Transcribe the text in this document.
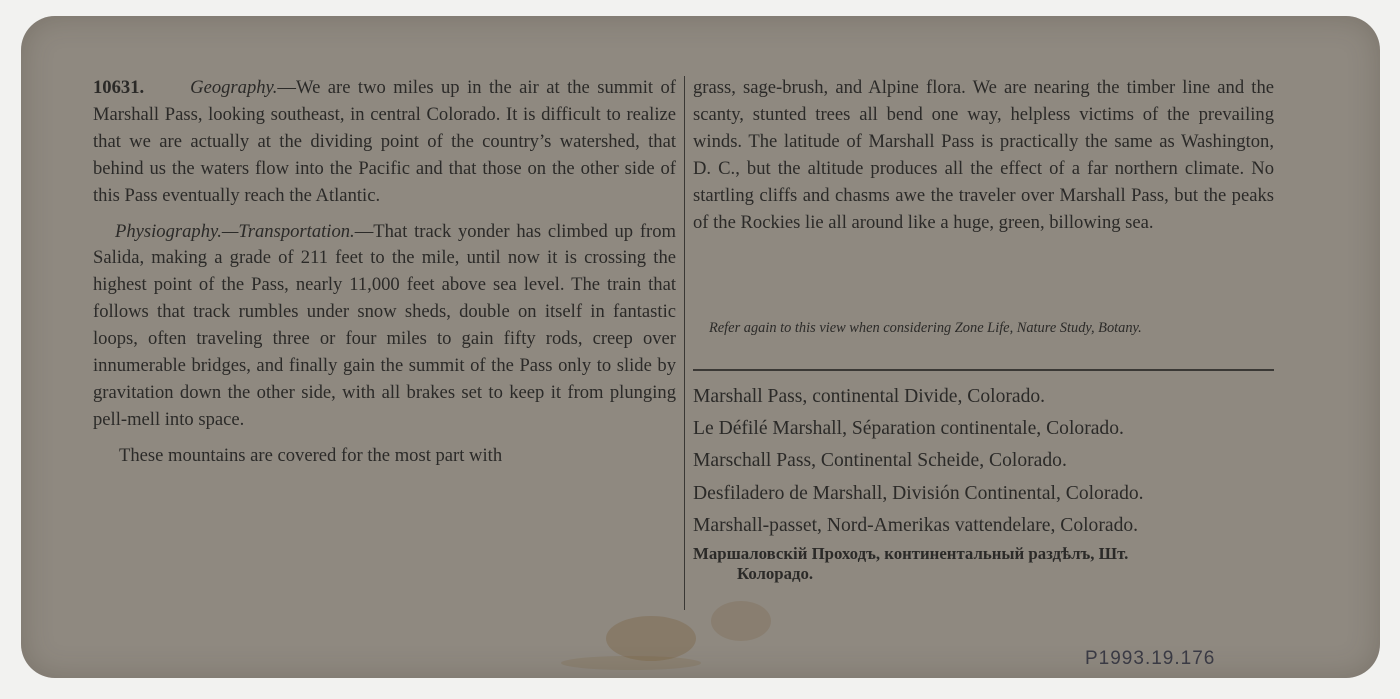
10631. Geography.—We are two miles up in the air at the summit of Marshall Pass, looking southeast, in central Colorado. It is difficult to realize that we are actually at the dividing point of the country’s watershed, that behind us the waters flow into the Pacific and that those on the other side of this Pass eventually reach the Atlantic.

Physiography.—Transportation.—That track yonder has climbed up from Salida, making a grade of 211 feet to the mile, until now it is crossing the highest point of the Pass, nearly 11,000 feet above sea level. The train that follows that track rumbles under snow sheds, double on itself in fantastic loops, often traveling three or four miles to gain fifty rods, creep over innumerable bridges, and finally gain the summit of the Pass only to slide by gravitation down the other side, with all brakes set to keep it from plunging pell-mell into space.

These mountains are covered for the most part with

grass, sage-brush, and Alpine flora. We are nearing the timber line and the scanty, stunted trees all bend one way, helpless victims of the prevailing winds. The latitude of Marshall Pass is practically the same as Washington, D. C., but the altitude produces all the effect of a far northern climate. No startling cliffs and chasms awe the traveler over Marshall Pass, but the peaks of the Rockies lie all around like a huge, green, billowing sea.

Refer again to this view when considering Zone Life, Nature Study, Botany.
Marshall Pass, continental Divide, Colorado.
Le Défilé Marshall, Séparation continentale, Colorado.
Marschall Pass, Continental Scheide, Colorado.
Desfiladero de Marshall, División Continental, Colorado.
Marshall-passet, Nord-Amerikas vattendelare, Colorado.
Маршаловскій Проходъ, континентальный раздѣлъ, Шт.
Колорадо.
P1993.19.176
